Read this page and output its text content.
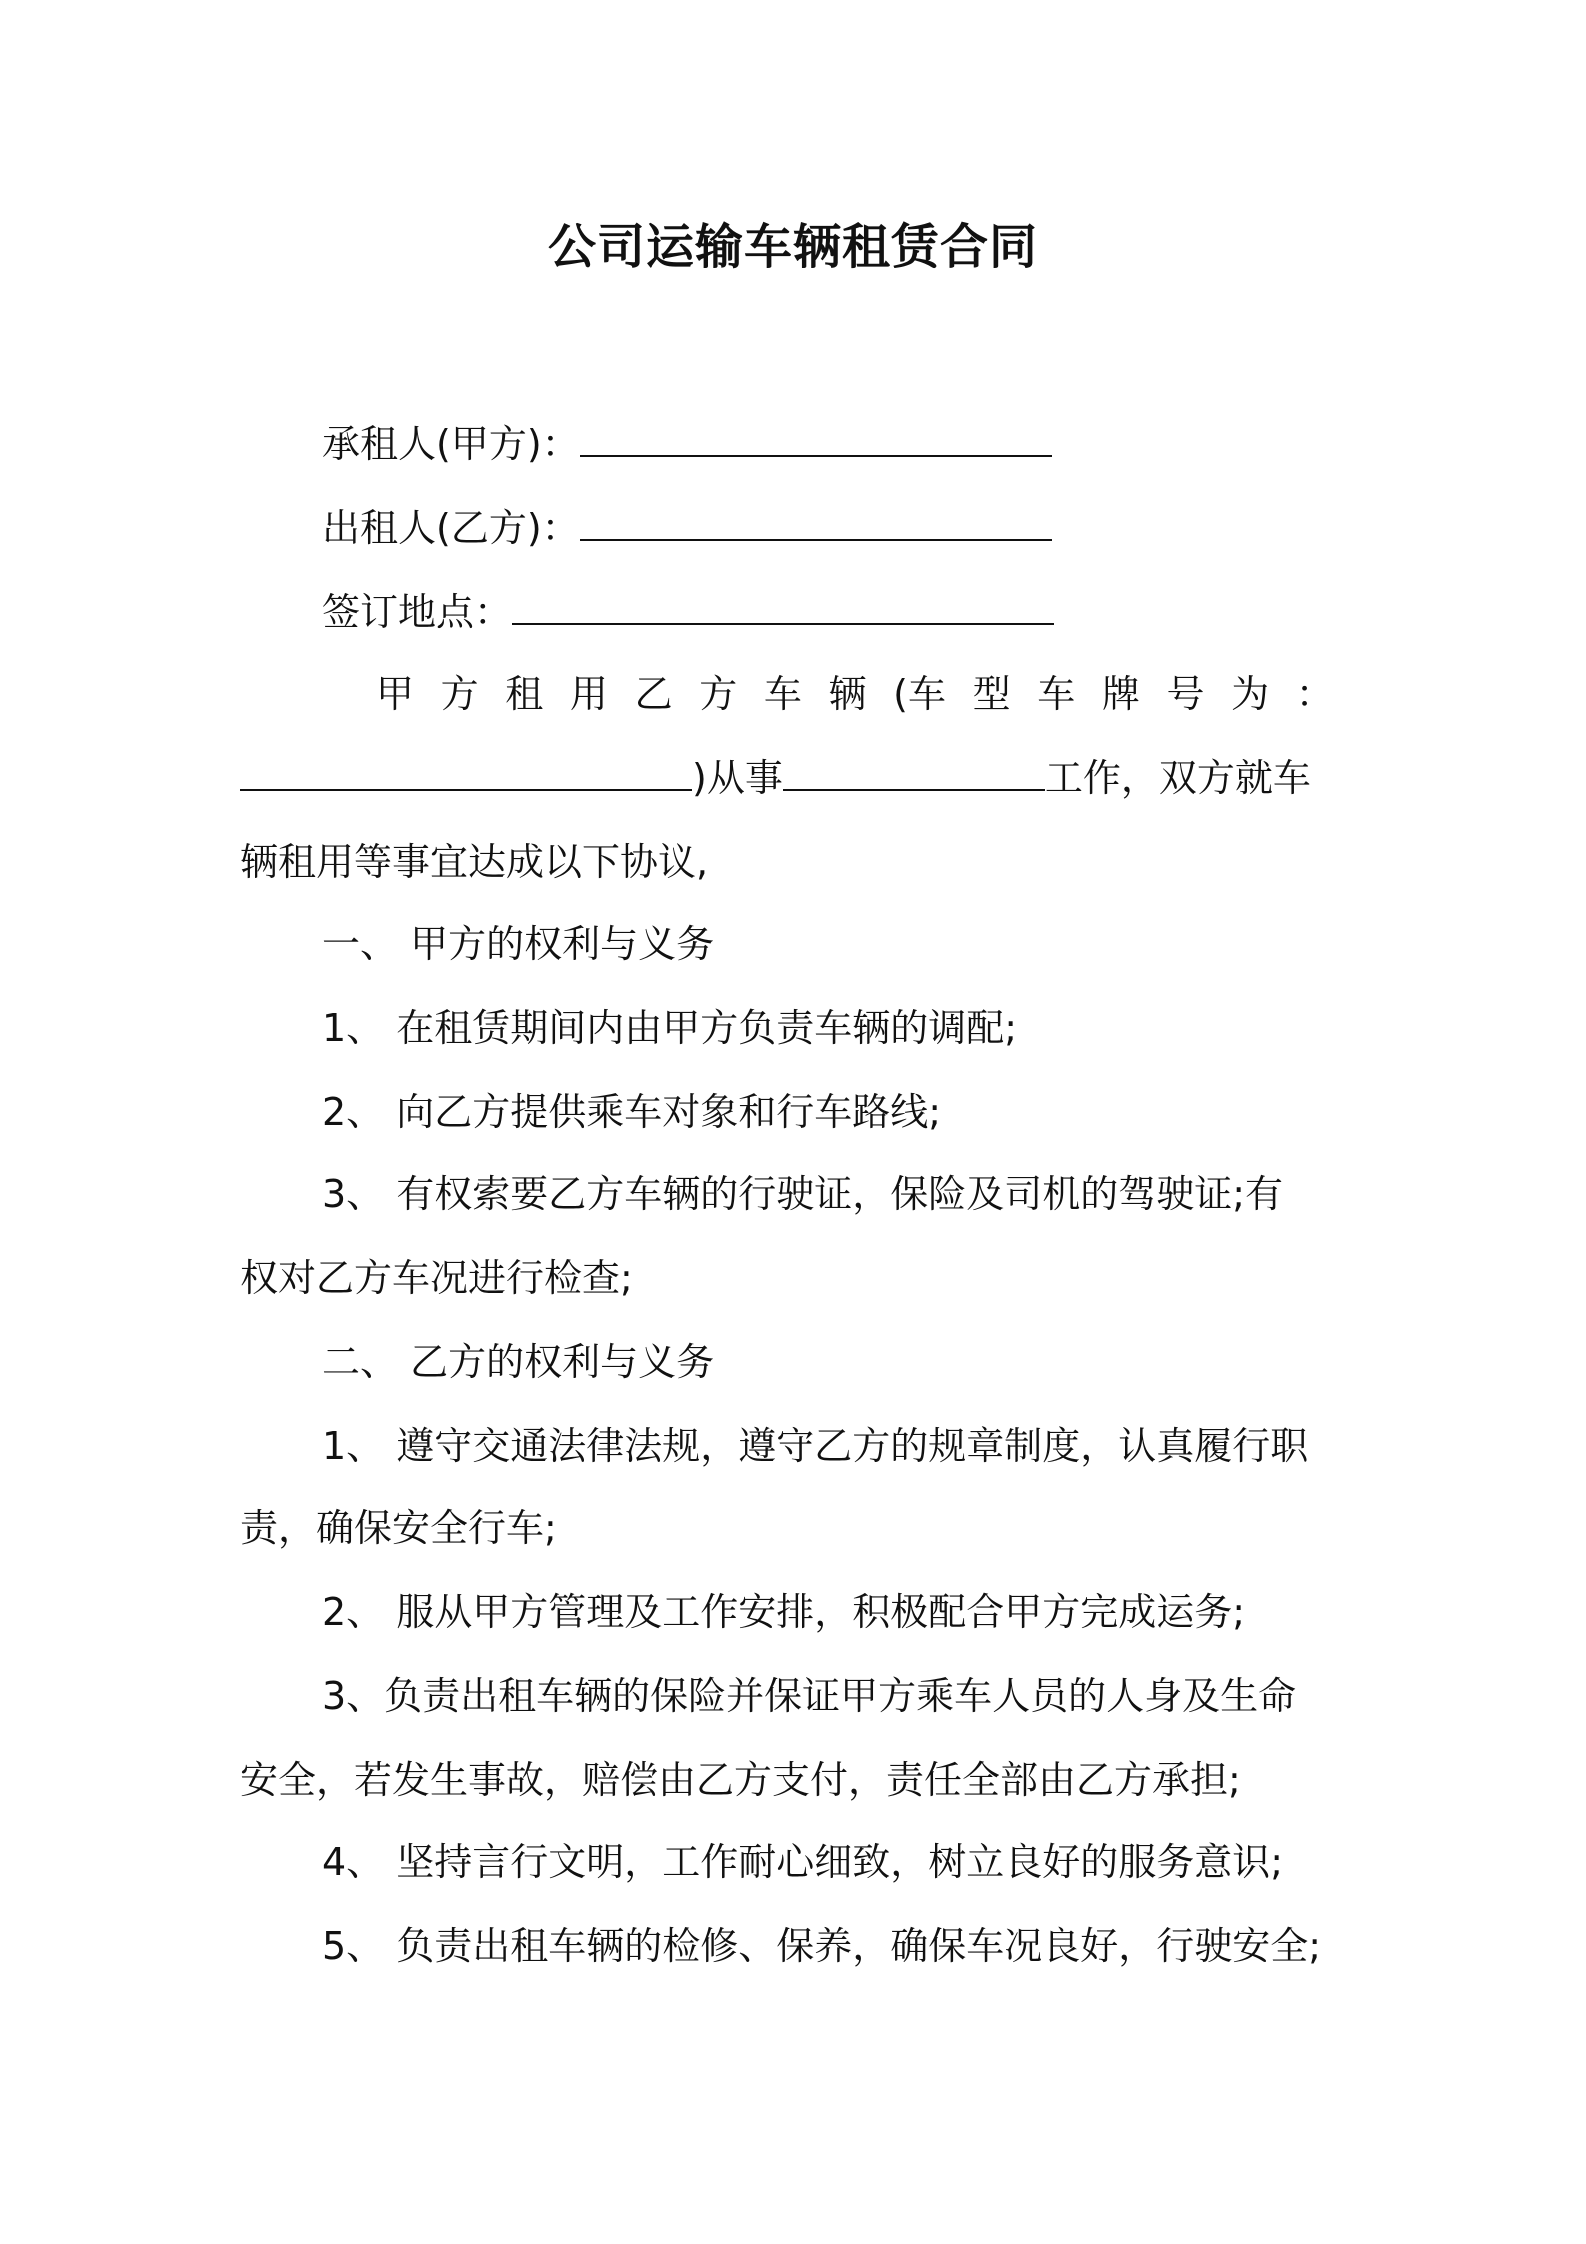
公司运输车辆租赁合同
承租人(甲方)：
出租人(乙方)：
签订地点：
甲 方 租 用 乙 方 车 辆 (车 型 车 牌 号 为 ：
)从事	工作，双方就车
辆租用等事宜达成以下协议,
一、 甲方的权利与义务
1、 在租赁期间内由甲方负责车辆的调配;
2、 向乙方提供乘车对象和行车路线;
3、 有权索要乙方车辆的行驶证，保险及司机的驾驶证;有
权对乙方车况进行检查;
二、 乙方的权利与义务
1、 遵守交通法律法规，遵守乙方的规章制度，认真履行职
责，确保安全行车;
2、 服从甲方管理及工作安排，积极配合甲方完成运务;
3、负责出租车辆的保险并保证甲方乘车人员的人身及生命
安全，若发生事故，赔偿由乙方支付，责任全部由乙方承担;
4、 坚持言行文明，工作耐心细致，树立良好的服务意识;
5、 负责出租车辆的检修、保养，确保车况良好，行驶安全;
